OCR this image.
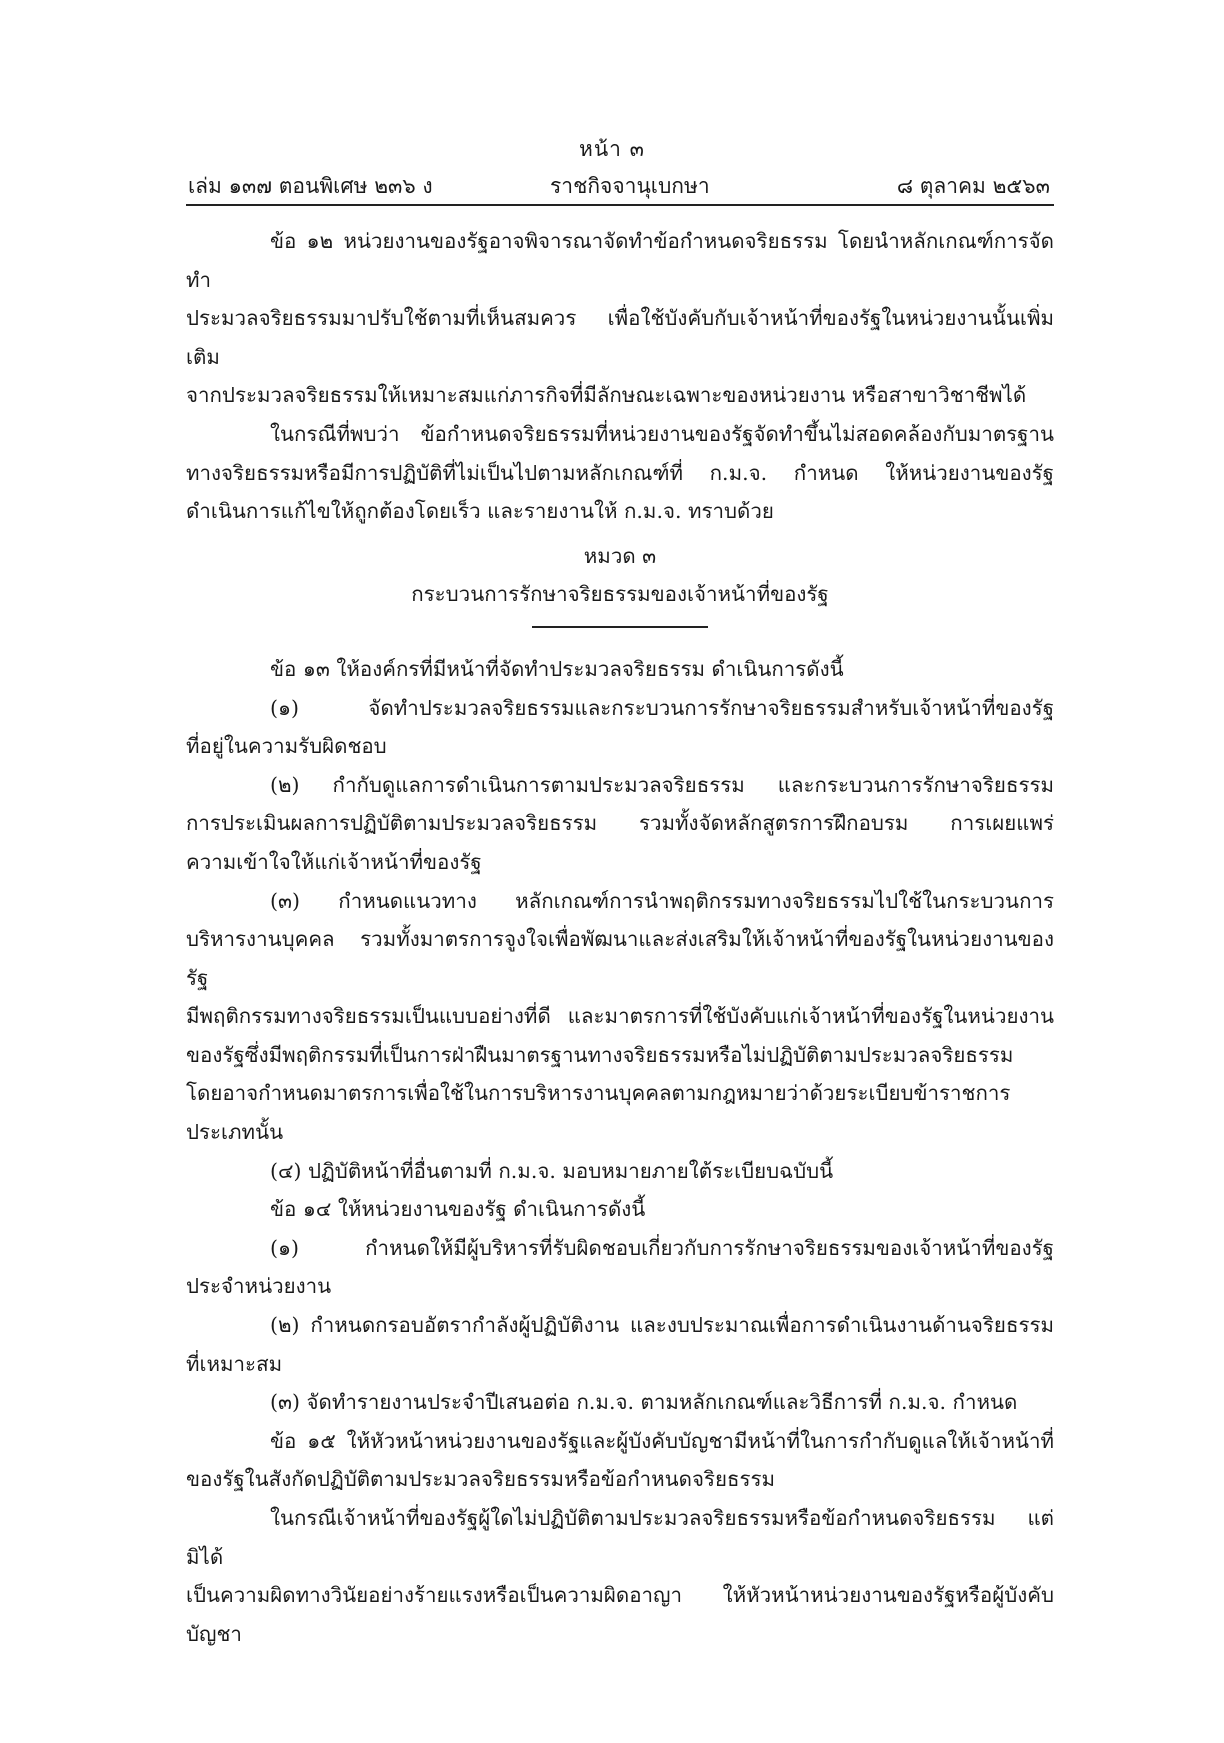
หน้า ๓
เล่ม ๑๓๗ ตอนพิเศษ ๒๓๖ ง	ราชกิจจานุเบกษา	๘ ตุลาคม ๒๕๖๓

ข้อ ๑๒ หน่วยงานของรัฐอาจพิจารณาจัดทำข้อกำหนดจริยธรรม โดยนำหลักเกณฑ์การจัดทำ

ประมวลจริยธรรมมาปรับใช้ตามที่เห็นสมควร เพื่อใช้บังคับกับเจ้าหน้าที่ของรัฐในหน่วยงานนั้นเพิ่มเติม

จากประมวลจริยธรรมให้เหมาะสมแก่ภารกิจที่มีลักษณะเฉพาะของหน่วยงาน หรือสาขาวิชาชีพได้

ในกรณีที่พบว่า ข้อกำหนดจริยธรรมที่หน่วยงานของรัฐจัดทำขึ้นไม่สอดคล้องกับมาตรฐาน

ทางจริยธรรมหรือมีการปฏิบัติที่ไม่เป็นไปตามหลักเกณฑ์ที่ ก.ม.จ. กำหนด ให้หน่วยงานของรัฐ

ดำเนินการแก้ไขให้ถูกต้องโดยเร็ว และรายงานให้ ก.ม.จ. ทราบด้วย

หมวด ๓

กระบวนการรักษาจริยธรรมของเจ้าหน้าที่ของรัฐ

ข้อ ๑๓ ให้องค์กรที่มีหน้าที่จัดทำประมวลจริยธรรม ดำเนินการดังนี้

(๑) จัดทำประมวลจริยธรรมและกระบวนการรักษาจริยธรรมสำหรับเจ้าหน้าที่ของรัฐ

ที่อยู่ในความรับผิดชอบ

(๒) กำกับดูแลการดำเนินการตามประมวลจริยธรรม และกระบวนการรักษาจริยธรรม

การประเมินผลการปฏิบัติตามประมวลจริยธรรม รวมทั้งจัดหลักสูตรการฝึกอบรม การเผยแพร่

ความเข้าใจให้แก่เจ้าหน้าที่ของรัฐ

(๓) กำหนดแนวทาง หลักเกณฑ์การนำพฤติกรรมทางจริยธรรมไปใช้ในกระบวนการ

บริหารงานบุคคล รวมทั้งมาตรการจูงใจเพื่อพัฒนาและส่งเสริมให้เจ้าหน้าที่ของรัฐในหน่วยงานของรัฐ

มีพฤติกรรมทางจริยธรรมเป็นแบบอย่างที่ดี และมาตรการที่ใช้บังคับแก่เจ้าหน้าที่ของรัฐในหน่วยงาน

ของรัฐซึ่งมีพฤติกรรมที่เป็นการฝ่าฝืนมาตรฐานทางจริยธรรมหรือไม่ปฏิบัติตามประมวลจริยธรรม

โดยอาจกำหนดมาตรการเพื่อใช้ในการบริหารงานบุคคลตามกฎหมายว่าด้วยระเบียบข้าราชการประเภทนั้น

(๔) ปฏิบัติหน้าที่อื่นตามที่ ก.ม.จ. มอบหมายภายใต้ระเบียบฉบับนี้

ข้อ ๑๔ ให้หน่วยงานของรัฐ ดำเนินการดังนี้

(๑) กำหนดให้มีผู้บริหารที่รับผิดชอบเกี่ยวกับการรักษาจริยธรรมของเจ้าหน้าที่ของรัฐ

ประจำหน่วยงาน

(๒) กำหนดกรอบอัตรากำลังผู้ปฏิบัติงาน และงบประมาณเพื่อการดำเนินงานด้านจริยธรรม

ที่เหมาะสม

(๓) จัดทำรายงานประจำปีเสนอต่อ ก.ม.จ. ตามหลักเกณฑ์และวิธีการที่ ก.ม.จ. กำหนด

ข้อ ๑๕ ให้หัวหน้าหน่วยงานของรัฐและผู้บังคับบัญชามีหน้าที่ในการกำกับดูแลให้เจ้าหน้าที่

ของรัฐในสังกัดปฏิบัติตามประมวลจริยธรรมหรือข้อกำหนดจริยธรรม

ในกรณีเจ้าหน้าที่ของรัฐผู้ใดไม่ปฏิบัติตามประมวลจริยธรรมหรือข้อกำหนดจริยธรรม แต่มิได้

เป็นความผิดทางวินัยอย่างร้ายแรงหรือเป็นความผิดอาญา ให้หัวหน้าหน่วยงานของรัฐหรือผู้บังคับบัญชา
